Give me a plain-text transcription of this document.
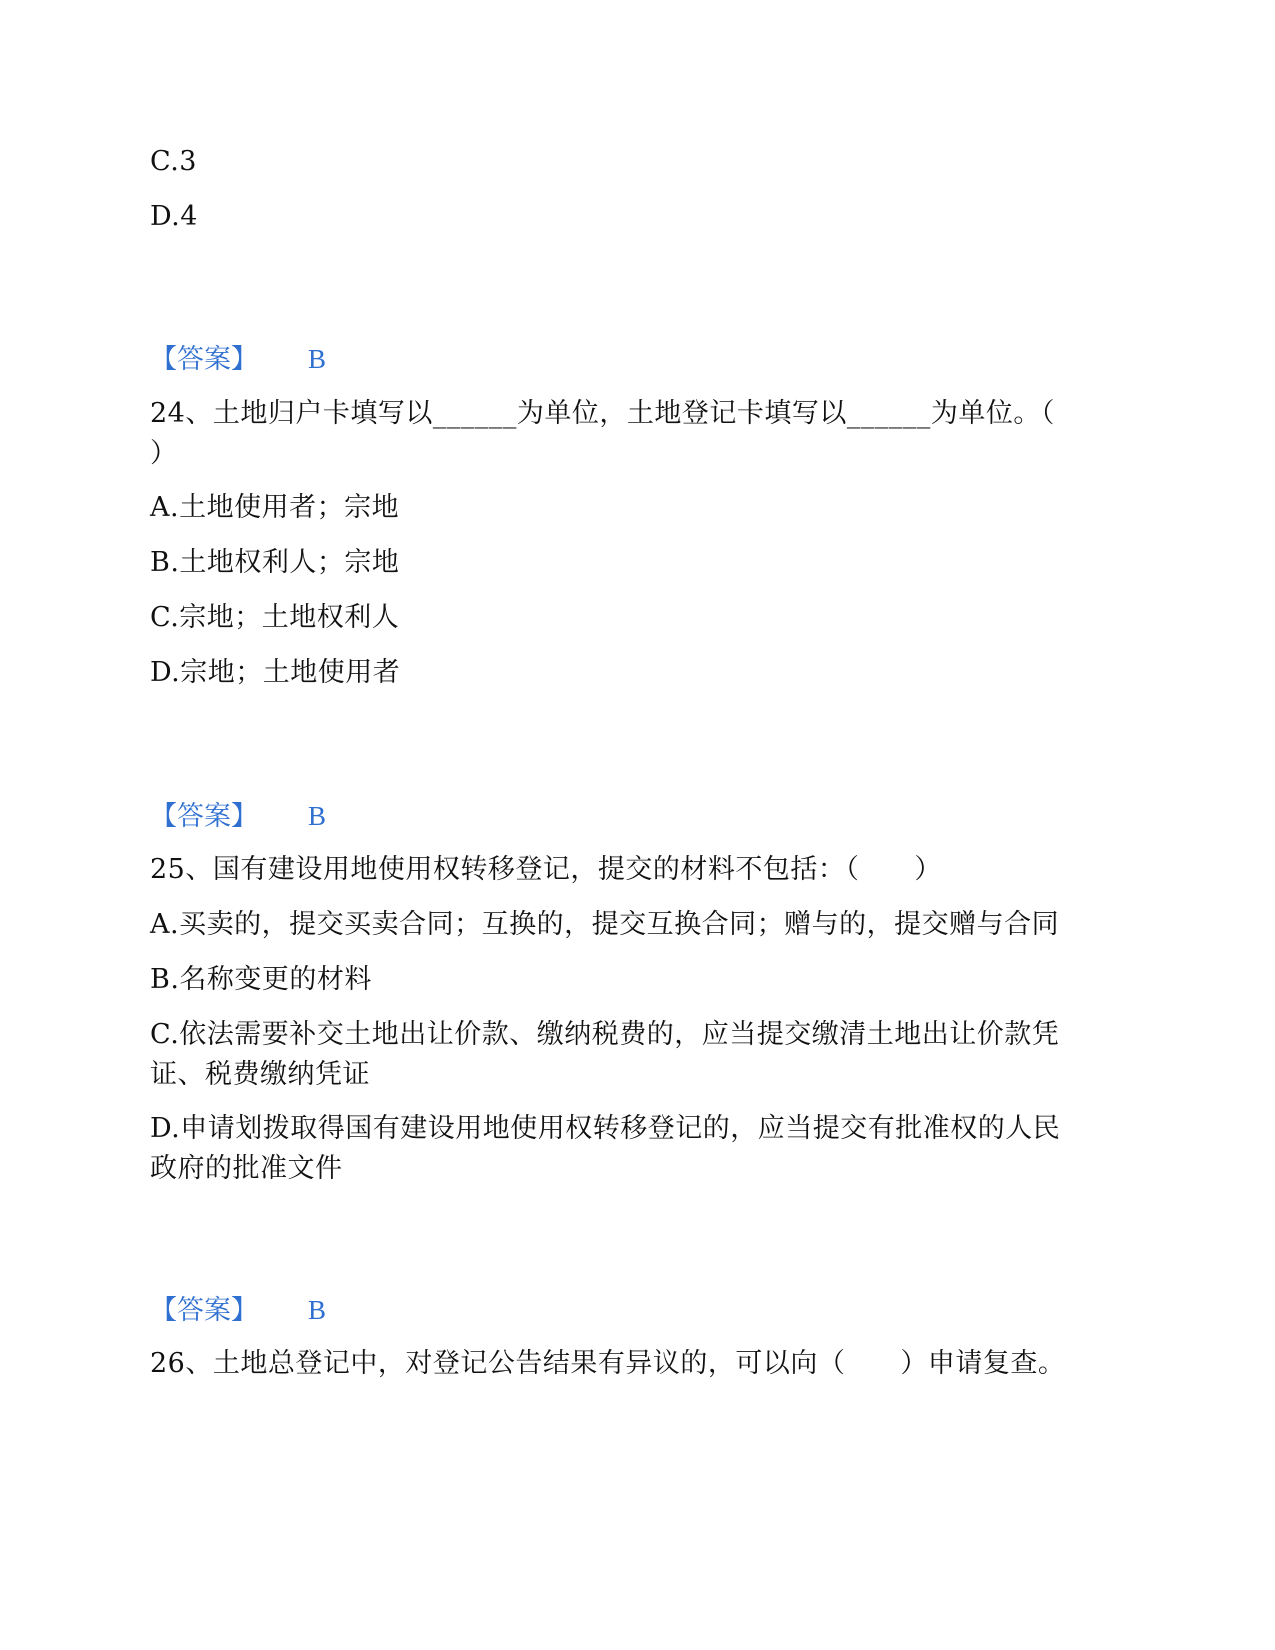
C.3
D.4
【答案】 B
24、土地归户卡填写以______为单位，土地登记卡填写以______为单位。（
）
A.土地使用者；宗地
B.土地权利人；宗地
C.宗地；土地权利人
D.宗地；土地使用者
【答案】 B
25、国有建设用地使用权转移登记，提交的材料不包括：（　　）
A.买卖的，提交买卖合同；互换的，提交互换合同；赠与的，提交赠与合同
B.名称变更的材料
C.依法需要补交土地出让价款、缴纳税费的，应当提交缴清土地出让价款凭
证、税费缴纳凭证
D.申请划拨取得国有建设用地使用权转移登记的，应当提交有批准权的人民
政府的批准文件
【答案】 B
26、土地总登记中，对登记公告结果有异议的，可以向（　　）申请复查。
